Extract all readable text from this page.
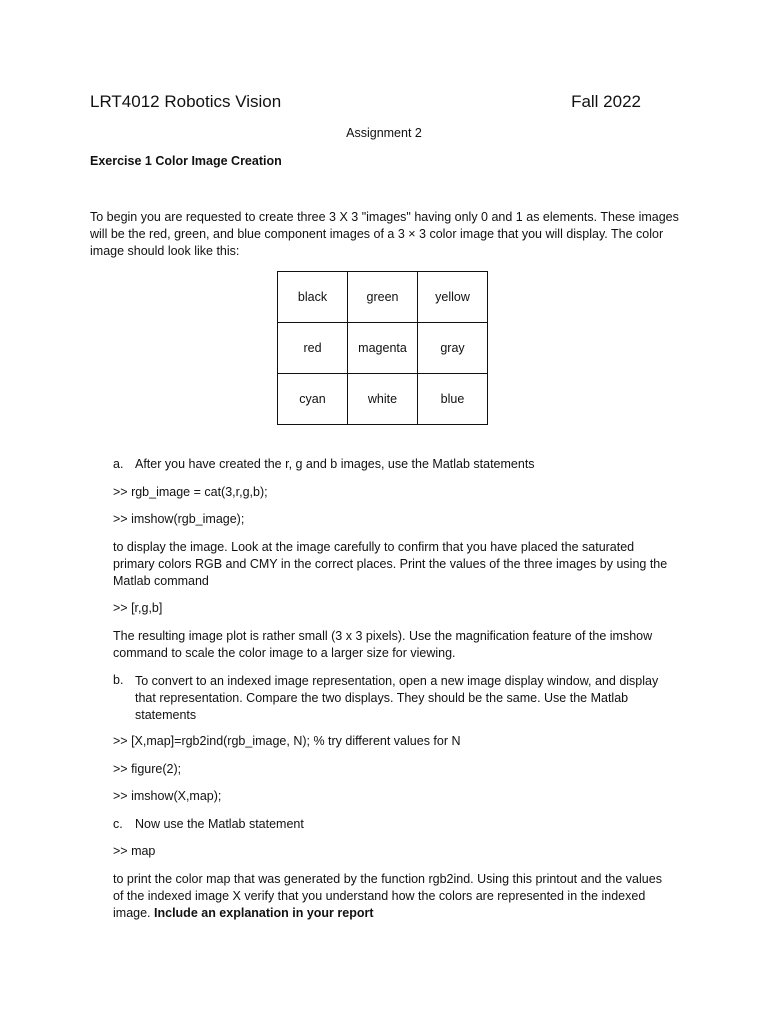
LRT4012 Robotics Vision	Fall 2022
Assignment 2
Exercise 1 Color Image Creation
To begin you are requested to create three 3 X 3 "images" having only 0 and 1 as elements. These images will be the red, green, and blue component images of a 3 × 3 color image that you will display. The color image should look like this:
black	green	yellow
red	magenta	gray
cyan	white	blue
a. After you have created the r, g and b images, use the Matlab statements
>> rgb_image = cat(3,r,g,b);
>> imshow(rgb_image);
to display the image. Look at the image carefully to confirm that you have placed the saturated primary colors RGB and CMY in the correct places. Print the values of the three images by using the Matlab command
>> [r,g,b]
The resulting image plot is rather small (3 x 3 pixels). Use the magnification feature of the imshow command to scale the color image to a larger size for viewing.
b. To convert to an indexed image representation, open a new image display window, and display that representation. Compare the two displays. They should be the same. Use the Matlab statements
>> [X,map]=rgb2ind(rgb_image, N); % try different values for N
>> figure(2);
>> imshow(X,map);
c. Now use the Matlab statement
>> map
to print the color map that was generated by the function rgb2ind. Using this printout and the values of the indexed image X verify that you understand how the colors are represented in the indexed image. Include an explanation in your report
